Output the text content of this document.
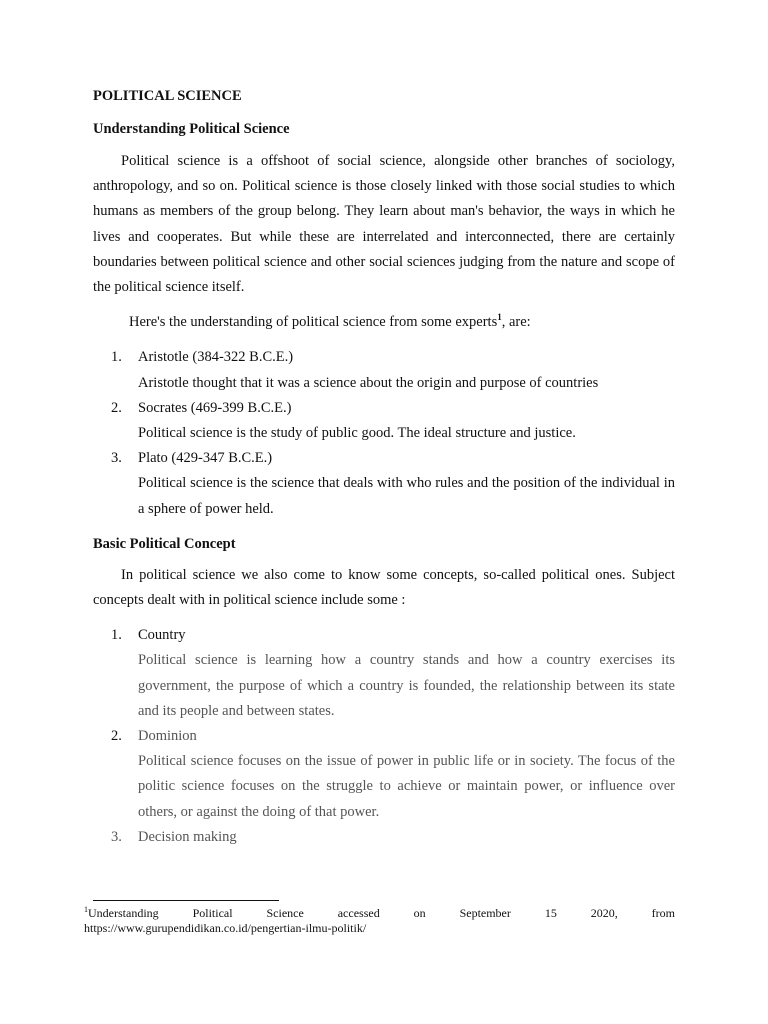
POLITICAL SCIENCE

Understanding Political Science

Political science is a offshoot of social science, alongside other branches of sociology, anthropology, and so on. Political science is those closely linked with those social studies to which humans as members of the group belong. They learn about man's behavior, the ways in which he lives and cooperates. But while these are interrelated and interconnected, there are certainly boundaries between political science and other social sciences judging from the nature and scope of the political science itself.

Here's the understanding of political science from some experts$^1$, are:

1. Aristotle (384-322 B.C.E.)

Aristotle thought that it was a science about the origin and purpose of countries

2. Socrates (469-399 B.C.E.)

Political science is the study of public good. The ideal structure and justice.

3. Plato (429-347 B.C.E.)

Political science is the science that deals with who rules and the position of the individual in a sphere of power held.

Basic Political Concept

In political science we also come to know some concepts, so-called political ones. Subject concepts dealt with in political science include some :

1. Country

Political science is learning how a country stands and how a country exercises its government, the purpose of which a country is founded, the relationship between its state and its people and between states.

2. Dominion

Political science focuses on the issue of power in public life or in society. The focus of the politic science focuses on the struggle to achieve or maintain power, or influence over others, or against the doing of that power.

3. Decision making

$^1$Understanding	Political	Science	accessed	on	September	15	2020,	from
https://www.gurupendidikan.co.id/pengertian-ilmu-politik/
